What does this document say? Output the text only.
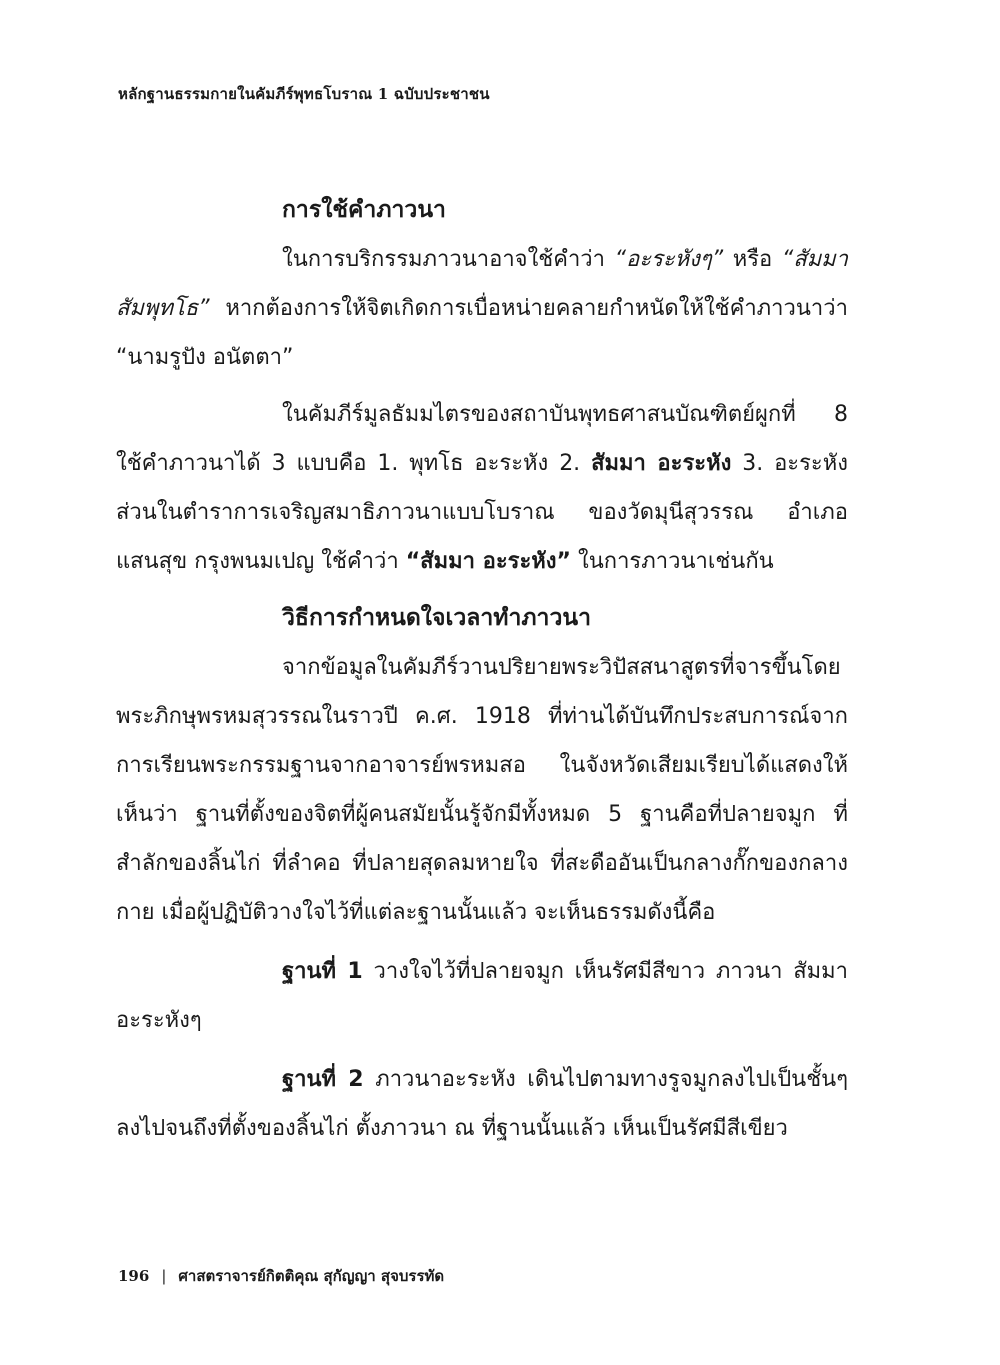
หลักฐานธรรมกายในคัมภีร์พุทธโบราณ 1 ฉบับประชาชน
การใช้คำภาวนา

ในการบริกรรมภาวนาอาจใช้คำว่า “อะระหังๆ” หรือ “สัมมา สัมพุทโธ” หากต้องการให้จิตเกิดการเบื่อหน่ายคลายกำหนัดให้ใช้คำภาวนาว่า “นามรูปัง อนัตตา”

ในคัมภีร์มูลธัมมไตรของสถาบันพุทธศาสนบัณฑิตย์ผูกที่ 8 ใช้คำภาวนาได้ 3 แบบคือ 1. พุทโธ อะระหัง 2. สัมมา อะระหัง 3. อะระหัง ส่วนในตำราการเจริญสมาธิภาวนาแบบโบราณ ของวัดมุนีสุวรรณ อำเภอแสนสุข กรุงพนมเปญ ใช้คำว่า “สัมมา อะระหัง” ในการภาวนาเช่นกัน

วิธีการกำหนดใจเวลาทำภาวนา

จากข้อมูลในคัมภีร์วานปริยายพระวิปัสสนาสูตรที่จารขึ้นโดยพระภิกษุพรหมสุวรรณในราวปี ค.ศ. 1918 ที่ท่านได้บันทึกประสบการณ์จากการเรียนพระกรรมฐานจากอาจารย์พรหมสอ ในจังหวัดเสียมเรียบได้แสดงให้เห็นว่า ฐานที่ตั้งของจิตที่ผู้คนสมัยนั้นรู้จักมีทั้งหมด 5 ฐานคือที่ปลายจมูก ที่สำลักของลิ้นไก่ ที่ลำคอ ที่ปลายสุดลมหายใจ ที่สะดืออันเป็นกลางกั๊กของกลางกาย เมื่อผู้ปฏิบัติวางใจไว้ที่แต่ละฐานนั้นแล้ว จะเห็นธรรมดังนี้คือ

ฐานที่ 1 วางใจไว้ที่ปลายจมูก เห็นรัศมีสีขาว ภาวนา สัมมาอะระหังๆ

ฐานที่ 2 ภาวนาอะระหัง เดินไปตามทางรูจมูกลงไปเป็นชั้นๆ ลงไปจนถึงที่ตั้งของลิ้นไก่ ตั้งภาวนา ณ ที่ฐานนั้นแล้ว เห็นเป็นรัศมีสีเขียว

196 | ศาสตราจารย์กิตติคุณ สุกัญญา สุจบรรทัด
